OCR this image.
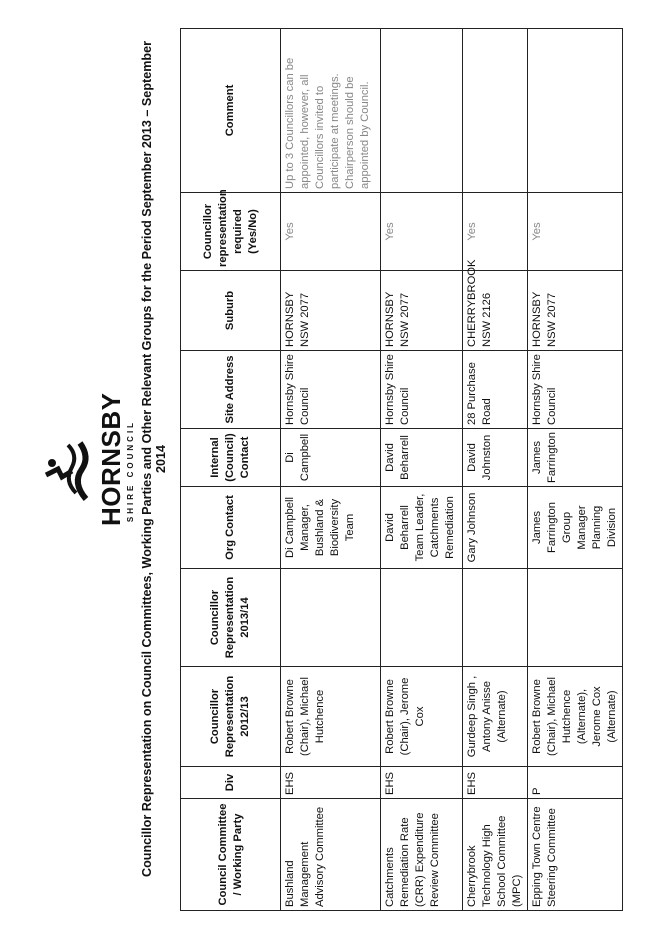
HORNSBY SHIRE COUNCIL Councillor Representation on Council Committees, Working Parties and Other Relevant Groups for the Period September 2013 – September 2014
Council Committee / Working Party	Div	Councillor Representation 2012/13	Councillor Representation 2013/14	Org Contact	Internal (Council) Contact	Site Address	Suburb	Councillor representation required (Yes/No)	Comment
Bushland Management Advisory Committee	EHS	Robert Browne (Chair), Michael Hutchence		Di Campbell Manager, Bushland & Biodiversity Team	Di Campbell	Hornsby Shire Council	HORNSBY NSW 2077	Yes	Up to 3 Councillors can be appointed, however, all Councillors invited to participate at meetings. Chairperson should be appointed by Council.
Catchments Remediation Rate (CRR) Expenditure Review Committee	EHS	Robert Browne (Chair), Jerome Cox		David Beharrell Team Leader, Catchments Remediation	David Beharrell	Hornsby Shire Council	HORNSBY NSW 2077	Yes	
Cherrybrook Technology High School Committee (MPC)	EHS	Gurdeep Singh , Antony Anisse (Alternate)		Gary Johnson	David Johnston	28 Purchase Road	CHERRYBROOK NSW 2126	Yes	
Epping Town Centre Steering Committee	P	Robert Browne (Chair), Michael Hutchence (Alternate), Jerome Cox (Alternate)		James Farrington Group Manager Planning Division	James Farrington	Hornsby Shire Council	HORNSBY NSW 2077	Yes	
